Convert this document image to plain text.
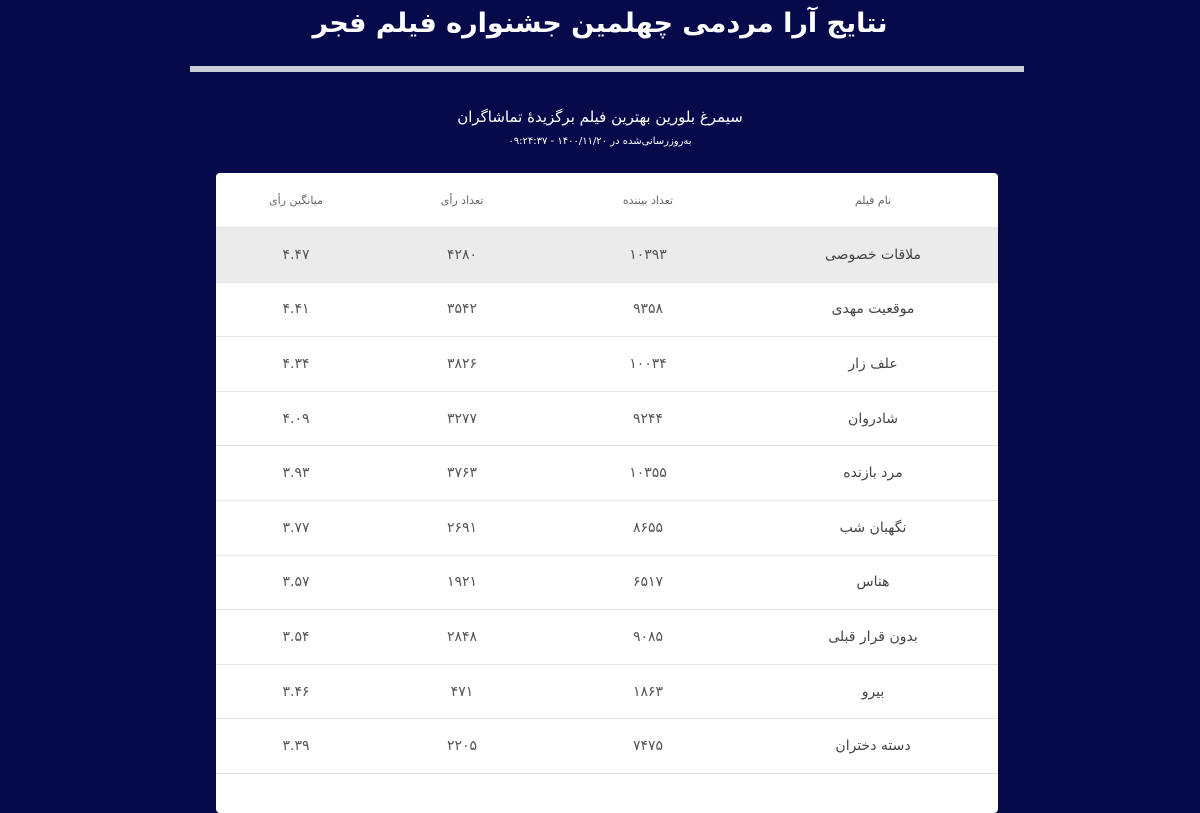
نتایج آرا مردمی چهلمین جشنواره فیلم فجر
سیمرغ بلورین بهترین فیلم برگزیدهٔ تماشاگران
به‌روزرسانی‌شده در ۱۴۰۰/۱۱/۲۰ - ۰۹:۲۴:۳۷
نام فیلم
تعداد بیننده
تعداد رأی
میانگین رأی
ملاقات خصوصی
۱۰۳۹۳
۴۲۸۰
۴.۴۷
موقعیت مهدی
۹۳۵۸
۳۵۴۲
۴.۴۱
علف زار
۱۰۰۳۴
۳۸۲۶
۴.۳۴
شادروان
۹۲۴۴
۳۲۷۷
۴.۰۹
مرد بازنده
۱۰۳۵۵
۳۷۶۳
۳.۹۳
نگهبان شب
۸۶۵۵
۲۶۹۱
۳.۷۷
هناس
۶۵۱۷
۱۹۲۱
۳.۵۷
بدون قرار قبلی
۹۰۸۵
۲۸۴۸
۳.۵۴
بیرو
۱۸۶۳
۴۷۱
۳.۴۶
دسته دختران
۷۴۷۵
۲۲۰۵
۳.۳۹
